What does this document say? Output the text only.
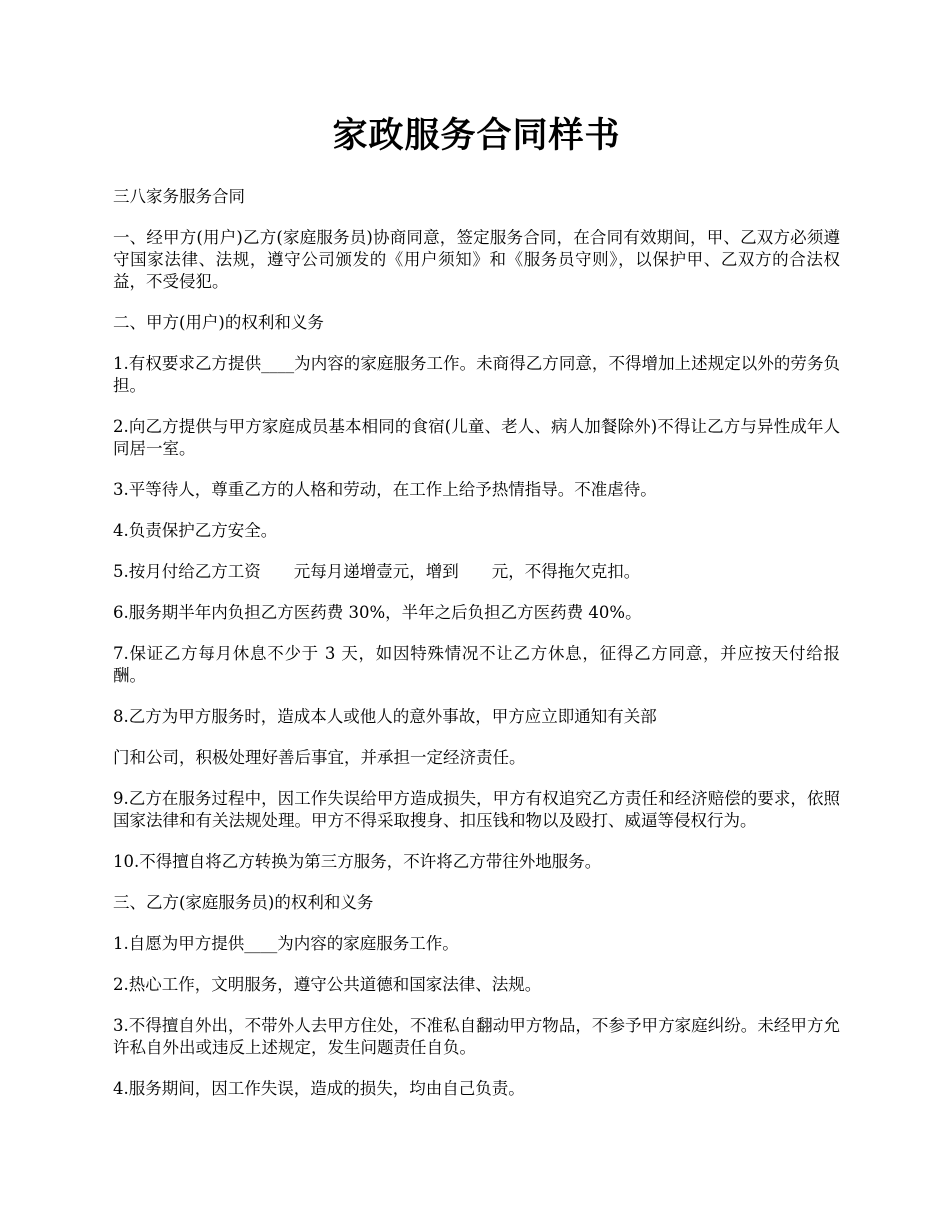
家政服务合同样书

三八家务服务合同

一、经甲方(用户)乙方(家庭服务员)协商同意，签定服务合同，在合同有效期间，甲、乙双方必须遵守国家法律、法规，遵守公司颁发的《用户须知》和《服务员守则》，以保护甲、乙双方的合法权益，不受侵犯。

二、甲方(用户)的权利和义务

1.有权要求乙方提供____为内容的家庭服务工作。未商得乙方同意，不得增加上述规定以外的劳务负担。

2.向乙方提供与甲方家庭成员基本相同的食宿(儿童、老人、病人加餐除外)不得让乙方与异性成年人同居一室。

3.平等待人，尊重乙方的人格和劳动，在工作上给予热情指导。不准虐待。

4.负责保护乙方安全。

5.按月付给乙方工资　　元每月递增壹元，增到　　元，不得拖欠克扣。

6.服务期半年内负担乙方医药费 30%，半年之后负担乙方医药费 40%。

7.保证乙方每月休息不少于 3 天，如因特殊情况不让乙方休息，征得乙方同意，并应按天付给报酬。

8.乙方为甲方服务时，造成本人或他人的意外事故，甲方应立即通知有关部

门和公司，积极处理好善后事宜，并承担一定经济责任。

9.乙方在服务过程中，因工作失误给甲方造成损失，甲方有权追究乙方责任和经济赔偿的要求，依照国家法律和有关法规处理。甲方不得采取搜身、扣压钱和物以及殴打、威逼等侵权行为。

10.不得擅自将乙方转换为第三方服务，不许将乙方带往外地服务。

三、乙方(家庭服务员)的权利和义务

1.自愿为甲方提供____为内容的家庭服务工作。

2.热心工作，文明服务，遵守公共道德和国家法律、法规。

3.不得擅自外出，不带外人去甲方住处，不准私自翻动甲方物品，不参予甲方家庭纠纷。未经甲方允许私自外出或违反上述规定，发生问题责任自负。

4.服务期间，因工作失误，造成的损失，均由自己负责。
